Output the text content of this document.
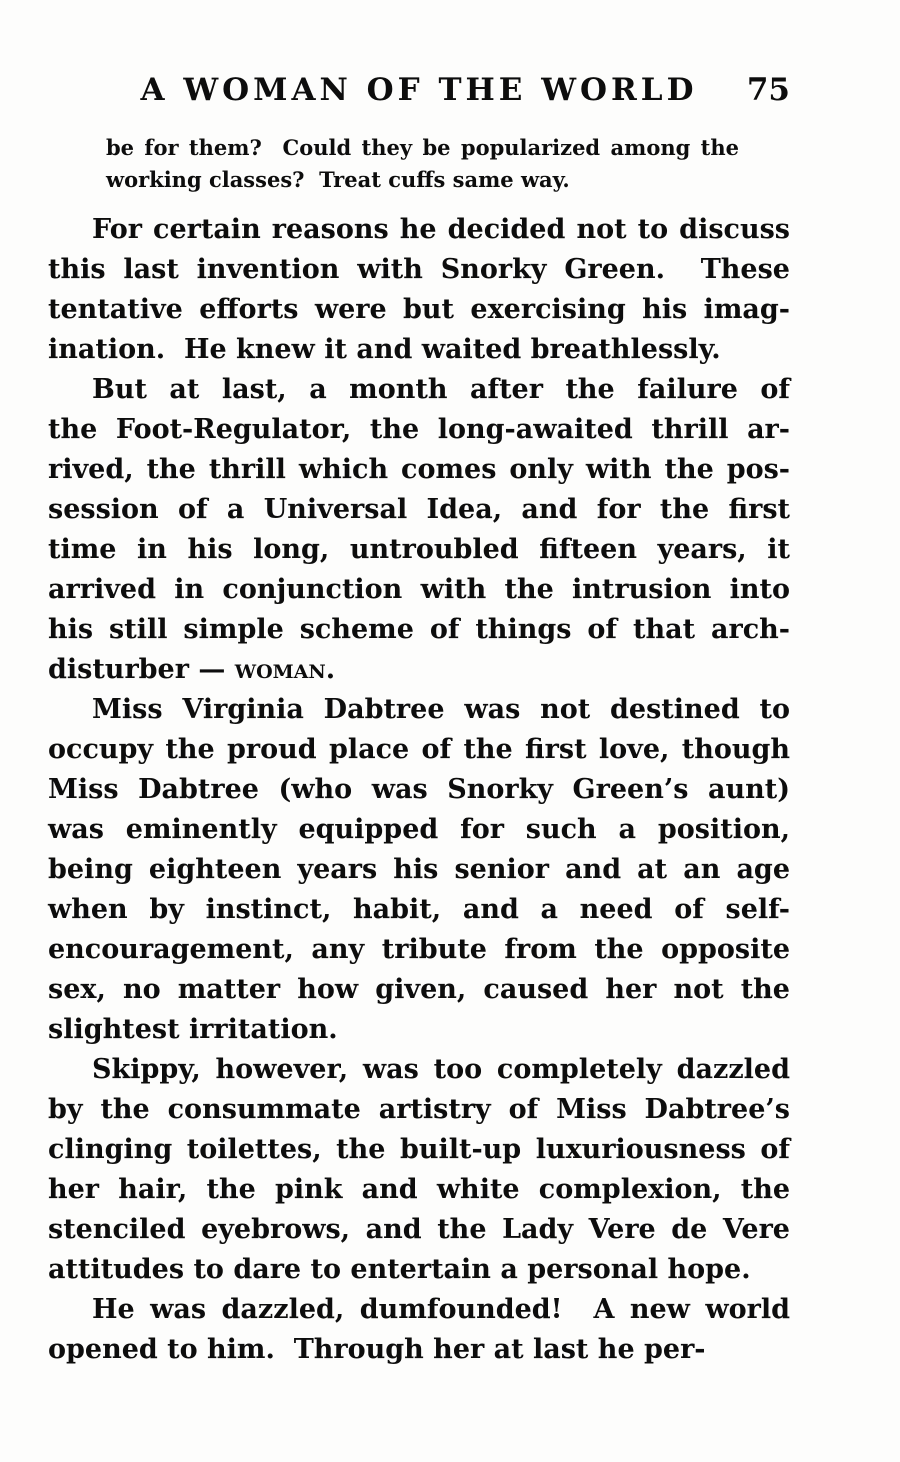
A WOMAN OF THE WORLD	75
be for them?  Could they be popularized among the
working classes?  Treat cuffs same way.
For certain reasons he decided not to discuss
this last invention with Snorky Green.  These
tentative efforts were but exercising his imag-
ination.  He knew it and waited breathlessly.
But at last, a month after the failure of
the Foot-Regulator, the long-awaited thrill ar-
rived, the thrill which comes only with the pos-
session of a Universal Idea, and for the first
time in his long, untroubled fifteen years, it
arrived in conjunction with the intrusion into
his still simple scheme of things of that arch-
disturber — woman.
Miss Virginia Dabtree was not destined to
occupy the proud place of the first love, though
Miss Dabtree (who was Snorky Green’s aunt)
was eminently equipped for such a position,
being eighteen years his senior and at an age
when by instinct, habit, and a need of self-
encouragement, any tribute from the opposite
sex, no matter how given, caused her not the
slightest irritation.
Skippy, however, was too completely dazzled
by the consummate artistry of Miss Dabtree’s
clinging toilettes, the built-up luxuriousness of
her hair, the pink and white complexion, the
stenciled eyebrows, and the Lady Vere de Vere
attitudes to dare to entertain a personal hope.
He was dazzled, dumfounded!  A new world
opened to him.  Through her at last he per-
